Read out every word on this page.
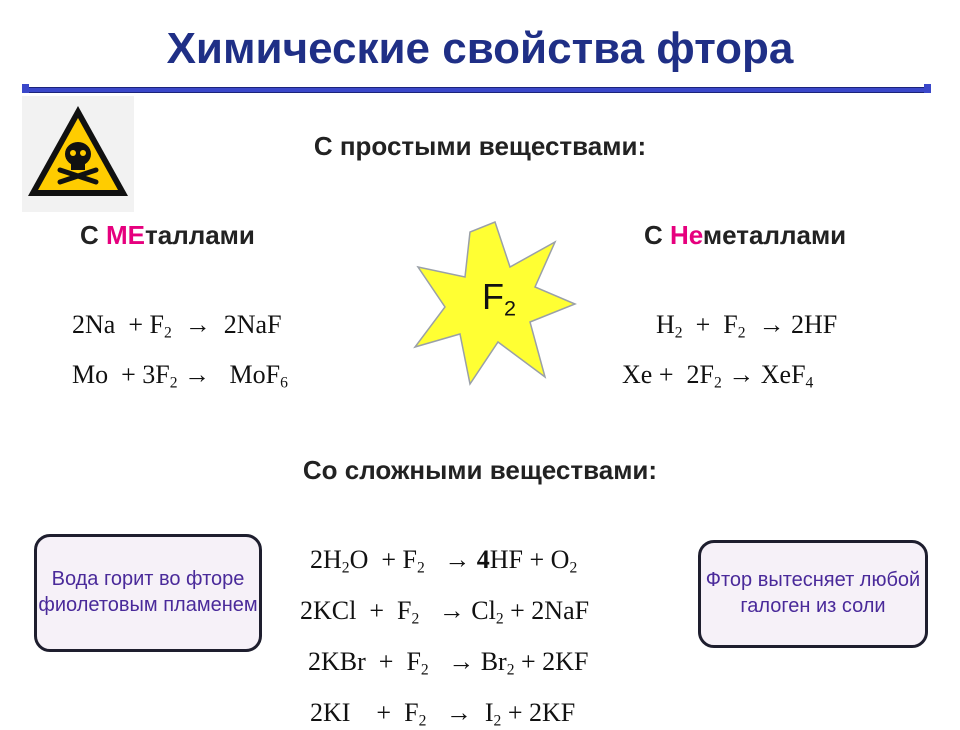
Химические свойства фтора
С простыми веществами:
С МЕталлами	С Неметаллами
$F_2$
$2Na + F_2 \to 2NaF$
$Mo + 3F_2 \to MoF_6$
$H_2 + F_2 \to 2HF$
$Xe + 2F_2 \to XeF_4$
Со сложными веществами:
Вода горит во фторе фиолетовым пламенем
Фтор вытесняет любой галоген из соли
$2H_2O + F_2 \to 4HF + O_2$
$2KCl + F_2 \to Cl_2 + 2NaF$
$2KBr + F_2 \to Br_2 + 2KF$
2KI    +  $F_2 \to I_2 + 2KF$
